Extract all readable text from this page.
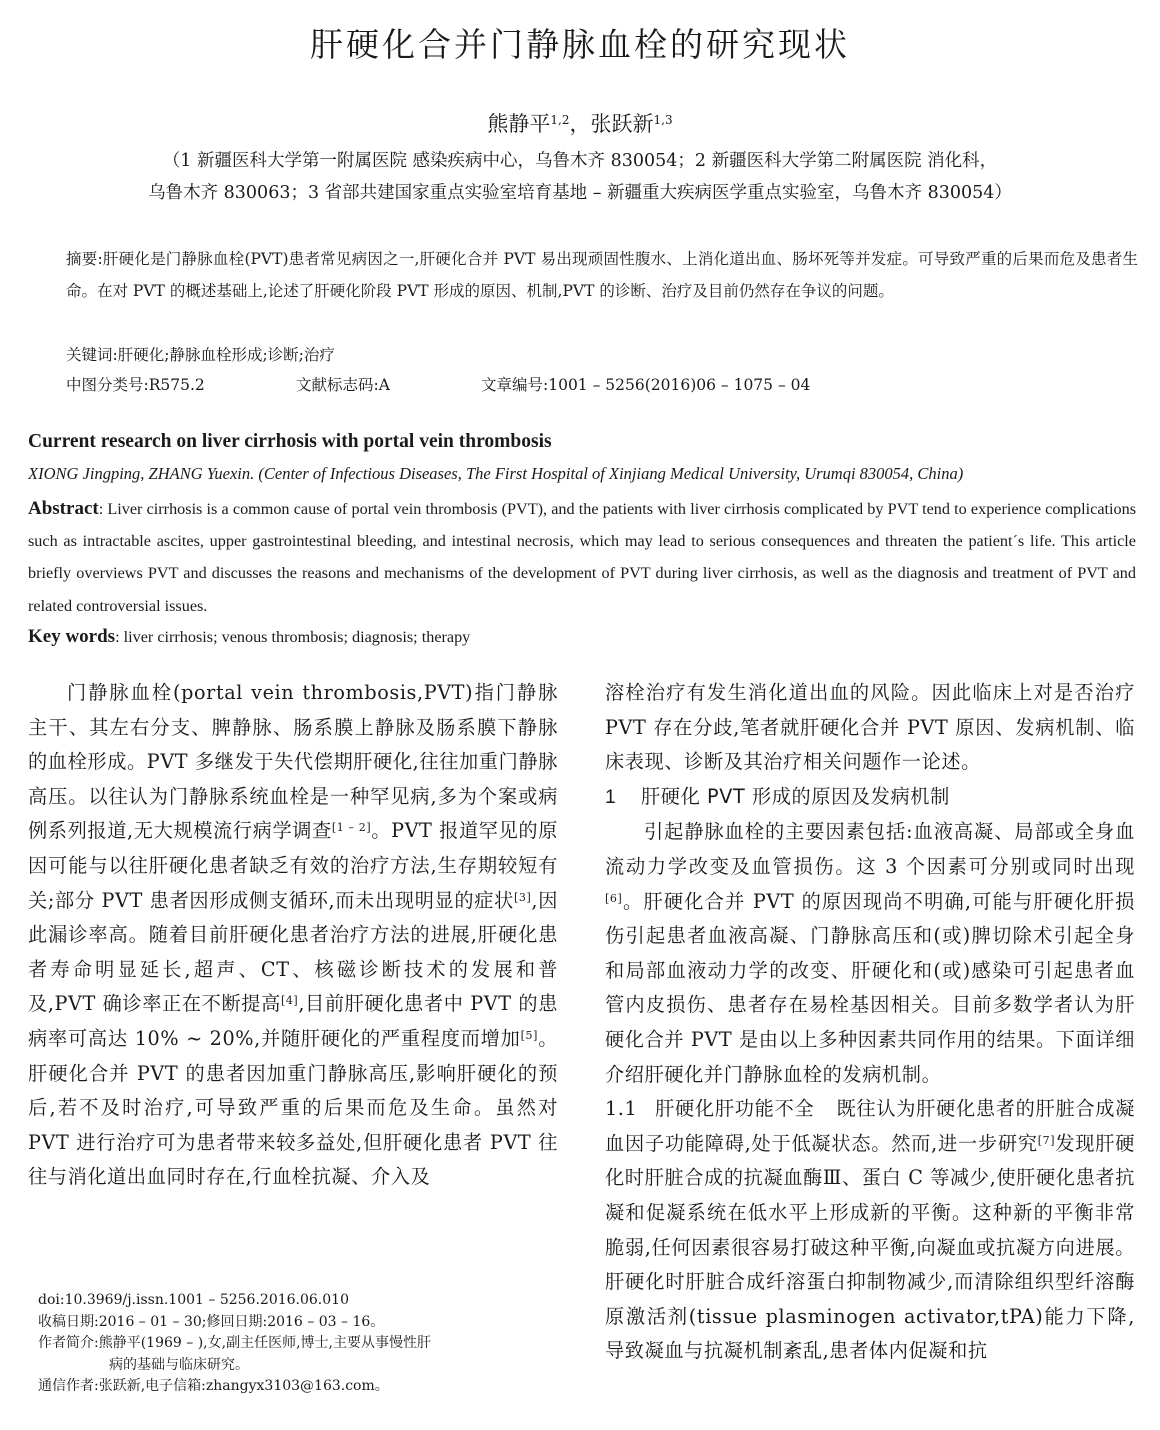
肝硬化合并门静脉血栓的研究现状
熊静平$^{1,2}$，张跃新$^{1,3}$
（1 新疆医科大学第一附属医院 感染疾病中心，乌鲁木齐 830054；2 新疆医科大学第二附属医院 消化科，
乌鲁木齐 830063；3 省部共建国家重点实验室培育基地 – 新疆重大疾病医学重点实验室，乌鲁木齐 830054）
摘要:肝硬化是门静脉血栓(PVT)患者常见病因之一,肝硬化合并 PVT 易出现顽固性腹水、上消化道出血、肠坏死等并发症。可导致严重的后果而危及患者生命。在对 PVT 的概述基础上,论述了肝硬化阶段 PVT 形成的原因、机制,PVT 的诊断、治疗及目前仍然存在争议的问题。
关键词:肝硬化;静脉血栓形成;诊断;治疗
中图分类号:R575.2	文献标志码:A	文章编号:1001 – 5256(2016)06 – 1075 – 04
Current research on liver cirrhosis with portal vein thrombosis
XIONG Jingping, ZHANG Yuexin. (Center of Infectious Diseases, The First Hospital of Xinjiang Medical University, Urumqi 830054, China)
Abstract: Liver cirrhosis is a common cause of portal vein thrombosis (PVT), and the patients with liver cirrhosis complicated by PVT tend to experience complications such as intractable ascites, upper gastrointestinal bleeding, and intestinal necrosis, which may lead to serious consequences and threaten the patient´s life. This article briefly overviews PVT and discusses the reasons and mechanisms of the development of PVT during liver cirrhosis, as well as the diagnosis and treatment of PVT and related controversial issues.
Key words: liver cirrhosis; venous thrombosis; diagnosis; therapy

门静脉血栓(portal vein thrombosis,PVT)指门静脉主干、其左右分支、脾静脉、肠系膜上静脉及肠系膜下静脉的血栓形成。PVT 多继发于失代偿期肝硬化,往往加重门静脉高压。以往认为门静脉系统血栓是一种罕见病,多为个案或病例系列报道,无大规模流行病学调查[1 – 2]。PVT 报道罕见的原因可能与以往肝硬化患者缺乏有效的治疗方法,生存期较短有关;部分 PVT 患者因形成侧支循环,而未出现明显的症状[3],因此漏诊率高。随着目前肝硬化患者治疗方法的进展,肝硬化患者寿命明显延长,超声、CT、核磁诊断技术的发展和普及,PVT 确诊率正在不断提高[4],目前肝硬化患者中 PVT 的患病率可高达 10% ~ 20%,并随肝硬化的严重程度而增加[5]。肝硬化合并 PVT 的患者因加重门静脉高压,影响肝硬化的预后,若不及时治疗,可导致严重的后果而危及生命。虽然对 PVT 进行治疗可为患者带来较多益处,但肝硬化患者 PVT 往往与消化道出血同时存在,行血栓抗凝、介入及

doi:10.3969/j.issn.1001 – 5256.2016.06.010
收稿日期:2016 – 01 – 30;修回日期:2016 – 03 – 16。
作者简介:熊静平(1969 – ),女,副主任医师,博士,主要从事慢性肝
病的基础与临床研究。
通信作者:张跃新,电子信箱:zhangyx3103@163.com。

溶栓治疗有发生消化道出血的风险。因此临床上对是否治疗 PVT 存在分歧,笔者就肝硬化合并 PVT 原因、发病机制、临床表现、诊断及其治疗相关问题作一论述。

1 肝硬化 PVT 形成的原因及发病机制

引起静脉血栓的主要因素包括:血液高凝、局部或全身血流动力学改变及血管损伤。这 3 个因素可分别或同时出现[6]。肝硬化合并 PVT 的原因现尚不明确,可能与肝硬化肝损伤引起患者血液高凝、门静脉高压和(或)脾切除术引起全身和局部血液动力学的改变、肝硬化和(或)感染可引起患者血管内皮损伤、患者存在易栓基因相关。目前多数学者认为肝硬化合并 PVT 是由以上多种因素共同作用的结果。下面详细介绍肝硬化并门静脉血栓的发病机制。

1.1 肝硬化肝功能不全 既往认为肝硬化患者的肝脏合成凝血因子功能障碍,处于低凝状态。然而,进一步研究[7]发现肝硬化时肝脏合成的抗凝血酶Ⅲ、蛋白 C 等减少,使肝硬化患者抗凝和促凝系统在低水平上形成新的平衡。这种新的平衡非常脆弱,任何因素很容易打破这种平衡,向凝血或抗凝方向进展。肝硬化时肝脏合成纤溶蛋白抑制物减少,而清除组织型纤溶酶原激活剂(tissue plasminogen activator,tPA)能力下降,导致凝血与抗凝机制紊乱,患者体内促凝和抗
